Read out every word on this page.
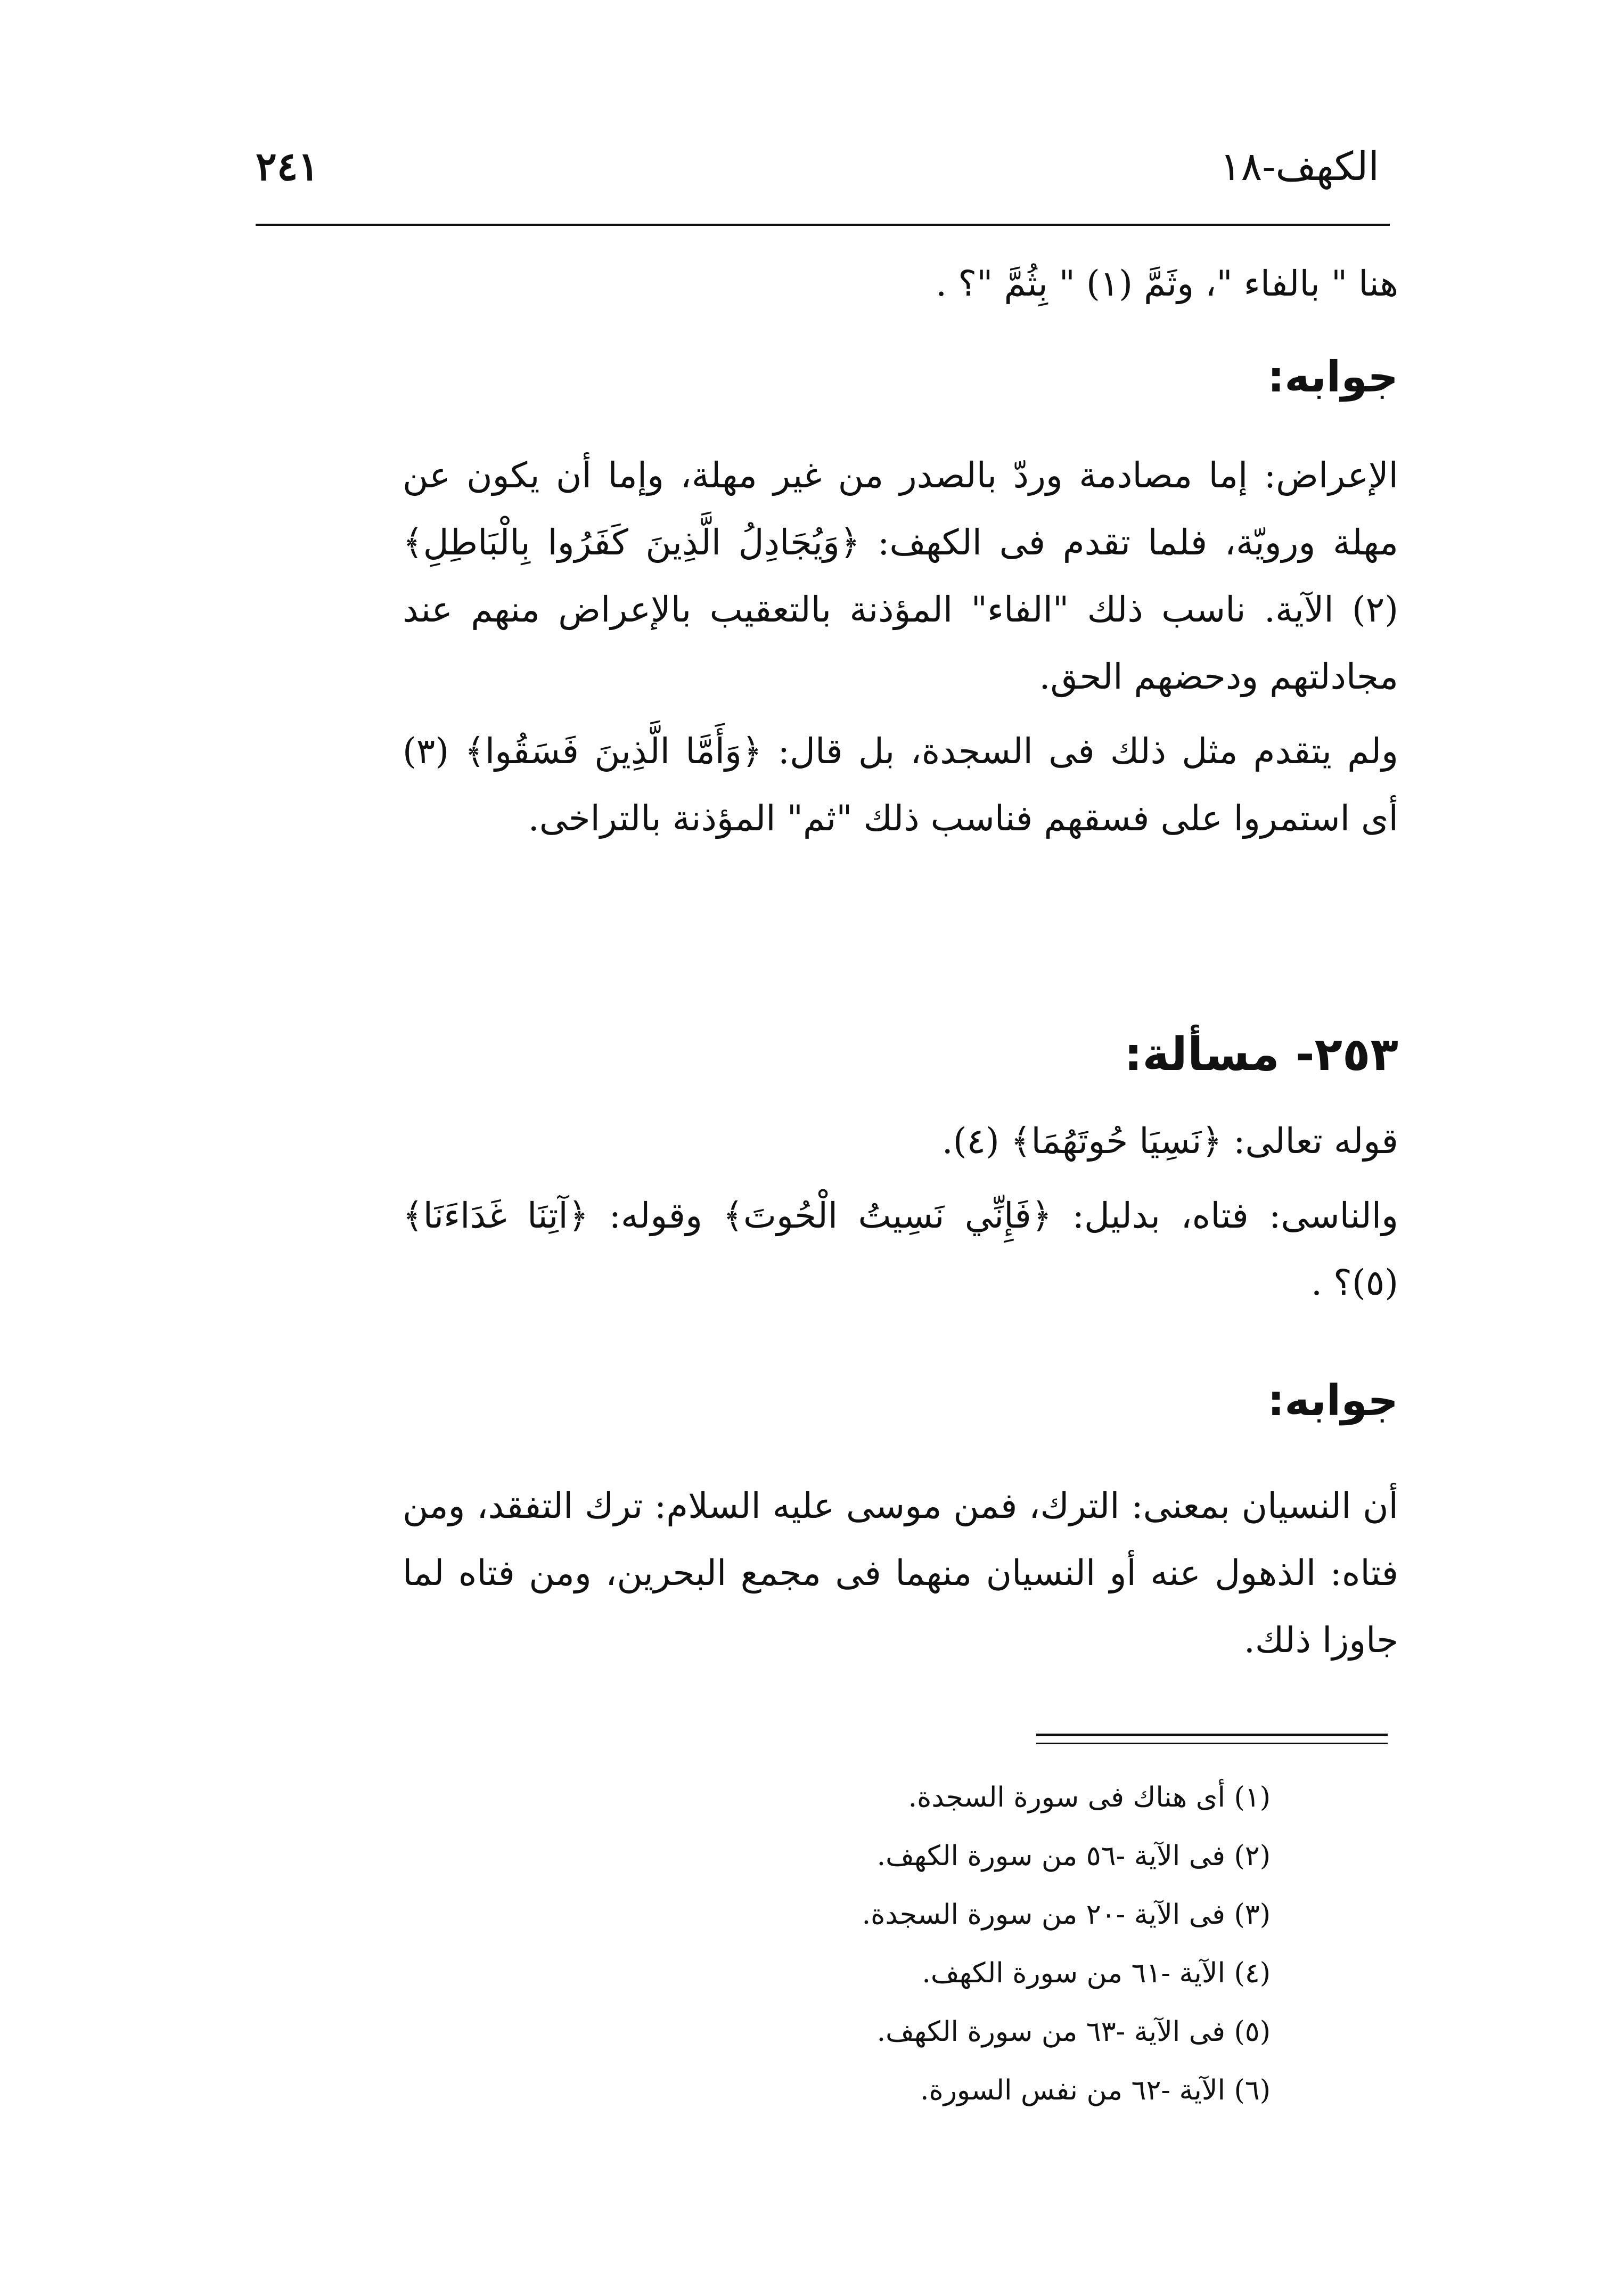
الكهف-١٨
٢٤١

هنا " بالفاء "، وثَمَّ (١) " بِثُمَّ "؟ .

جوابه:

الإعراض: إما مصادمة وردّ بالصدر من غير مهلة، وإما أن يكون عن مهلة ورويّة، فلما تقدم فى الكهف: ﴿وَيُجَادِلُ الَّذِينَ كَفَرُوا بِالْبَاطِلِ﴾ (٢) الآية. ناسب ذلك "الفاء" المؤذنة بالتعقيب بالإعراض منهم عند مجادلتهم ودحضهم الحق.

ولم يتقدم مثل ذلك فى السجدة، بل قال: ﴿وَأَمَّا الَّذِينَ فَسَقُوا﴾ (٣) أى استمروا على فسقهم فناسب ذلك "ثم" المؤذنة بالتراخى.

٢٥٣- مسألة:

قوله تعالى: ﴿نَسِيَا حُوتَهُمَا﴾ (٤).

والناسى: فتاه، بدليل: ﴿فَإِنِّي نَسِيتُ الْحُوتَ﴾ وقوله: ﴿آتِنَا غَدَاءَنَا﴾ (٥)؟ .

جوابه:

أن النسيان بمعنى: الترك، فمن موسى عليه السلام: ترك التفقد، ومن فتاه: الذهول عنه أو النسيان منهما فى مجمع البحرين، ومن فتاه لما جاوزا ذلك.

(١) أى هناك فى سورة السجدة.
(٢) فى الآية -٥٦ من سورة الكهف.
(٣) فى الآية -٢٠ من سورة السجدة.
(٤) الآية -٦١ من سورة الكهف.
(٥) فى الآية -٦٣ من سورة الكهف.
(٦) الآية -٦٢ من نفس السورة.
